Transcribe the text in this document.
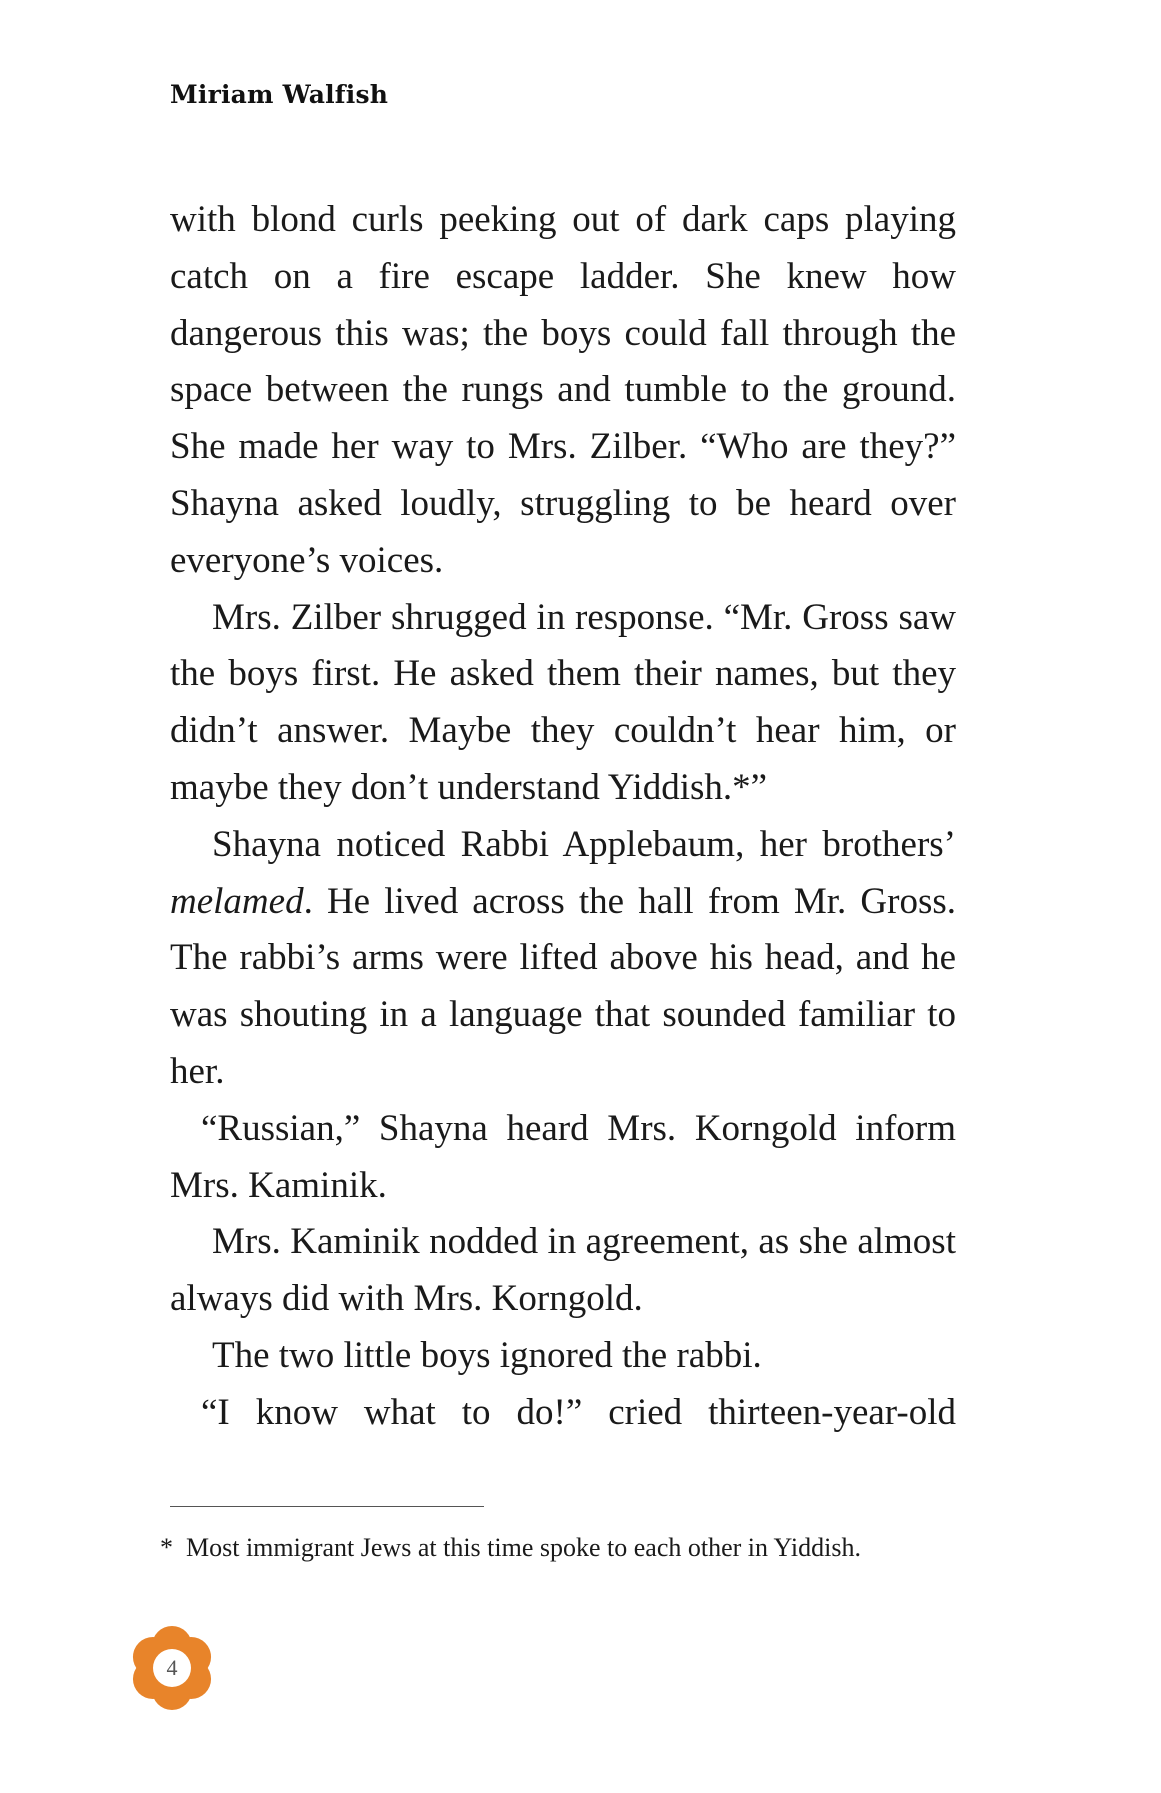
Miriam Walfish

with blond curls peeking out of dark caps playing catch on a fire escape ladder. She knew how dangerous this was; the boys could fall through the space between the rungs and tumble to the ground. She made her way to Mrs. Zilber. “Who are they?” Shayna asked loudly, struggling to be heard over everyone’s voices.

Mrs. Zilber shrugged in response. “Mr. Gross saw the boys first. He asked them their names, but they didn’t answer. Maybe they couldn’t hear him, or maybe they don’t understand Yiddish.*”

Shayna noticed Rabbi Applebaum, her brothers’ melamed. He lived across the hall from Mr. Gross. The rabbi’s arms were lifted above his head, and he was shouting in a language that sounded familiar to her.

“Russian,” Shayna heard Mrs. Korngold inform Mrs. Kaminik.

Mrs. Kaminik nodded in agreement, as she almost always did with Mrs. Korngold.

The two little boys ignored the rabbi.

“I know what to do!” cried thirteen-year-old

* Most immigrant Jews at this time spoke to each other in Yiddish.
4
